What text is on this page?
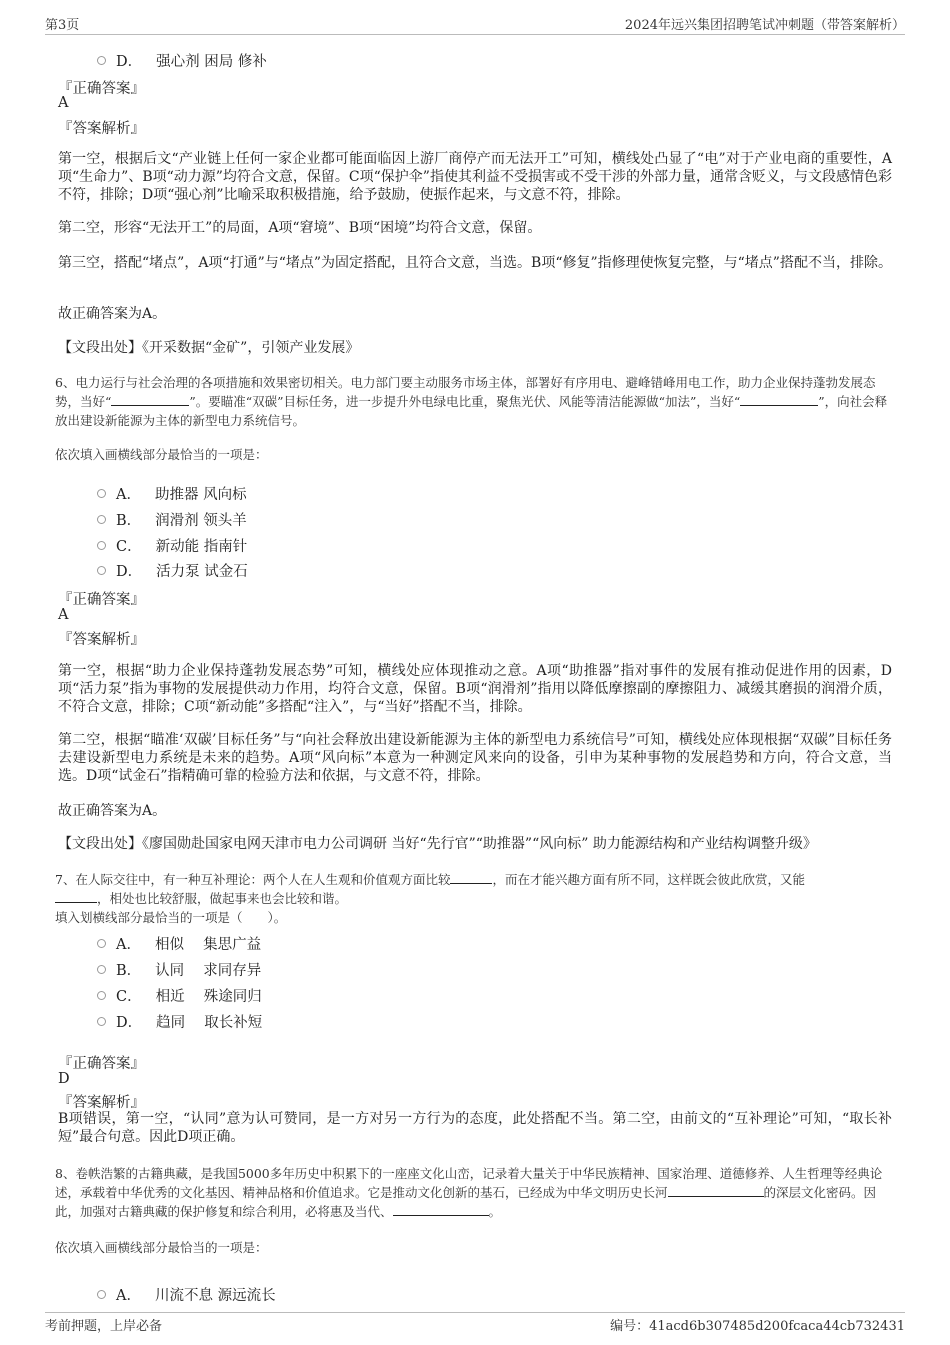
第3页	2024年远兴集团招聘笔试冲刺题（带答案解析）
D． 强心剂 困局 修补
『正确答案』
A
『答案解析』
第一空，根据后文“产业链上任何一家企业都可能面临因上游厂商停产而无法开工”可知，横线处凸显了“电”对于产业电商的重要性，A项“生命力”、B项“动力源”均符合文意，保留。C项“保护伞”指使其利益不受损害或不受干涉的外部力量，通常含贬义，与文段感情色彩不符，排除；D项“强心剂”比喻采取积极措施，给予鼓励，使振作起来，与文意不符，排除。
第二空，形容“无法开工”的局面，A项“窘境”、B项“困境”均符合文意，保留。
第三空，搭配“堵点”，A项“打通”与“堵点”为固定搭配，且符合文意，当选。B项“修复”指修理使恢复完整，与“堵点”搭配不当，排除。
故正确答案为A。
【文段出处】《开采数据“金矿”，引领产业发展》
6、电力运行与社会治理的各项措施和效果密切相关。电力部门要主动服务市场主体，部署好有序用电、避峰错峰用电工作，助力企业保持蓬勃发展态势，当好“	”。要瞄准“双碳”目标任务，进一步提升外电绿电比重，聚焦光伏、风能等清洁能源做“加法”，当好“	”，向社会释放出建设新能源为主体的新型电力系统信号。
依次填入画横线部分最恰当的一项是：
A． 助推器 风向标
B． 润滑剂 领头羊
C． 新动能 指南针
D． 活力泵 试金石
『正确答案』
A
『答案解析』
第一空，根据“助力企业保持蓬勃发展态势”可知，横线处应体现推动之意。A项“助推器”指对事件的发展有推动促进作用的因素，D项“活力泵”指为事物的发展提供动力作用，均符合文意，保留。B项“润滑剂”指用以降低摩擦副的摩擦阻力、减缓其磨损的润滑介质，不符合文意，排除；C项“新动能”多搭配“注入”，与“当好”搭配不当，排除。
第二空，根据“瞄准‘双碳’目标任务”与“向社会释放出建设新能源为主体的新型电力系统信号”可知，横线处应体现根据“双碳”目标任务去建设新型电力系统是未来的趋势。A项“风向标”本意为一种测定风来向的设备，引申为某种事物的发展趋势和方向，符合文意，当选。D项“试金石”指精确可靠的检验方法和依据，与文意不符，排除。
故正确答案为A。
【文段出处】《廖国勋赴国家电网天津市电力公司调研 当好“先行官”“助推器”“风向标” 助力能源结构和产业结构调整升级》
7、在人际交往中，有一种互补理论：两个人在人生观和价值观方面比较	，而在才能兴趣方面有所不同，这样既会彼此欣赏，又能
，相处也比较舒服，做起事来也会比较和谐。
填入划横线部分最恰当的一项是（　　）。
A． 相似　 集思广益
B． 认同　 求同存异
C． 相近　 殊途同归
D． 趋同　 取长补短
『正确答案』
D
『答案解析』
B项错误，第一空，“认同”意为认可赞同，是一方对另一方行为的态度，此处搭配不当。第二空，由前文的“互补理论”可知，“取长补短”最合句意。因此D项正确。
8、卷帙浩繁的古籍典藏，是我国5000多年历史中积累下的一座座文化山峦，记录着大量关于中华民族精神、国家治理、道德修养、人生哲理等经典论述，承载着中华优秀的文化基因、精神品格和价值追求。它是推动文化创新的基石，已经成为中华文明历史长河	的深层文化密码。因此，加强对古籍典藏的保护修复和综合利用，必将惠及当代、	。
依次填入画横线部分最恰当的一项是：
A． 川流不息 源远流长
考前押题，上岸必备	编号：41acd6b307485d200fcaca44cb732431
